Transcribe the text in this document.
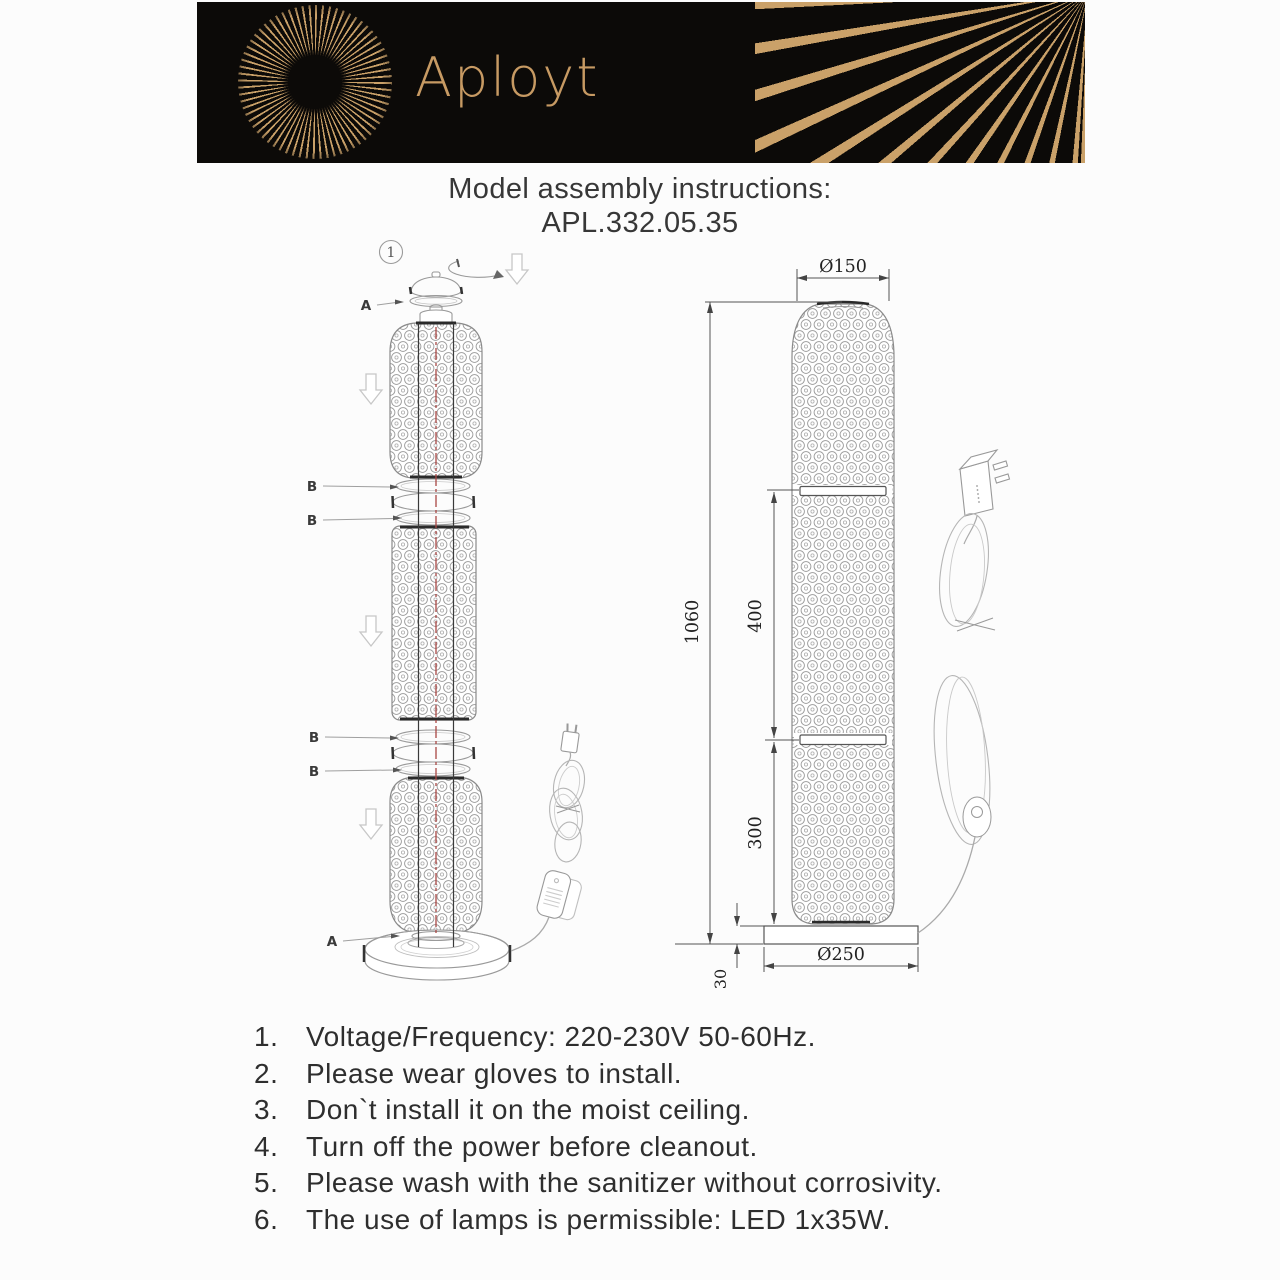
Aployt
Model assembly instructions:
APL.332.05.35
1
A
B
B
B
B
A
Ø150
1060 400
300
30
Ø250
1. Voltage/Frequency: 220-230V 50-60Hz.
2. Please wear gloves to install.
3. Don`t install it on the moist ceiling.
4. Turn off the power before cleanout.
5. Please wash with the sanitizer without corrosivity.
6. The use of lamps is permissible: LED 1x35W.
